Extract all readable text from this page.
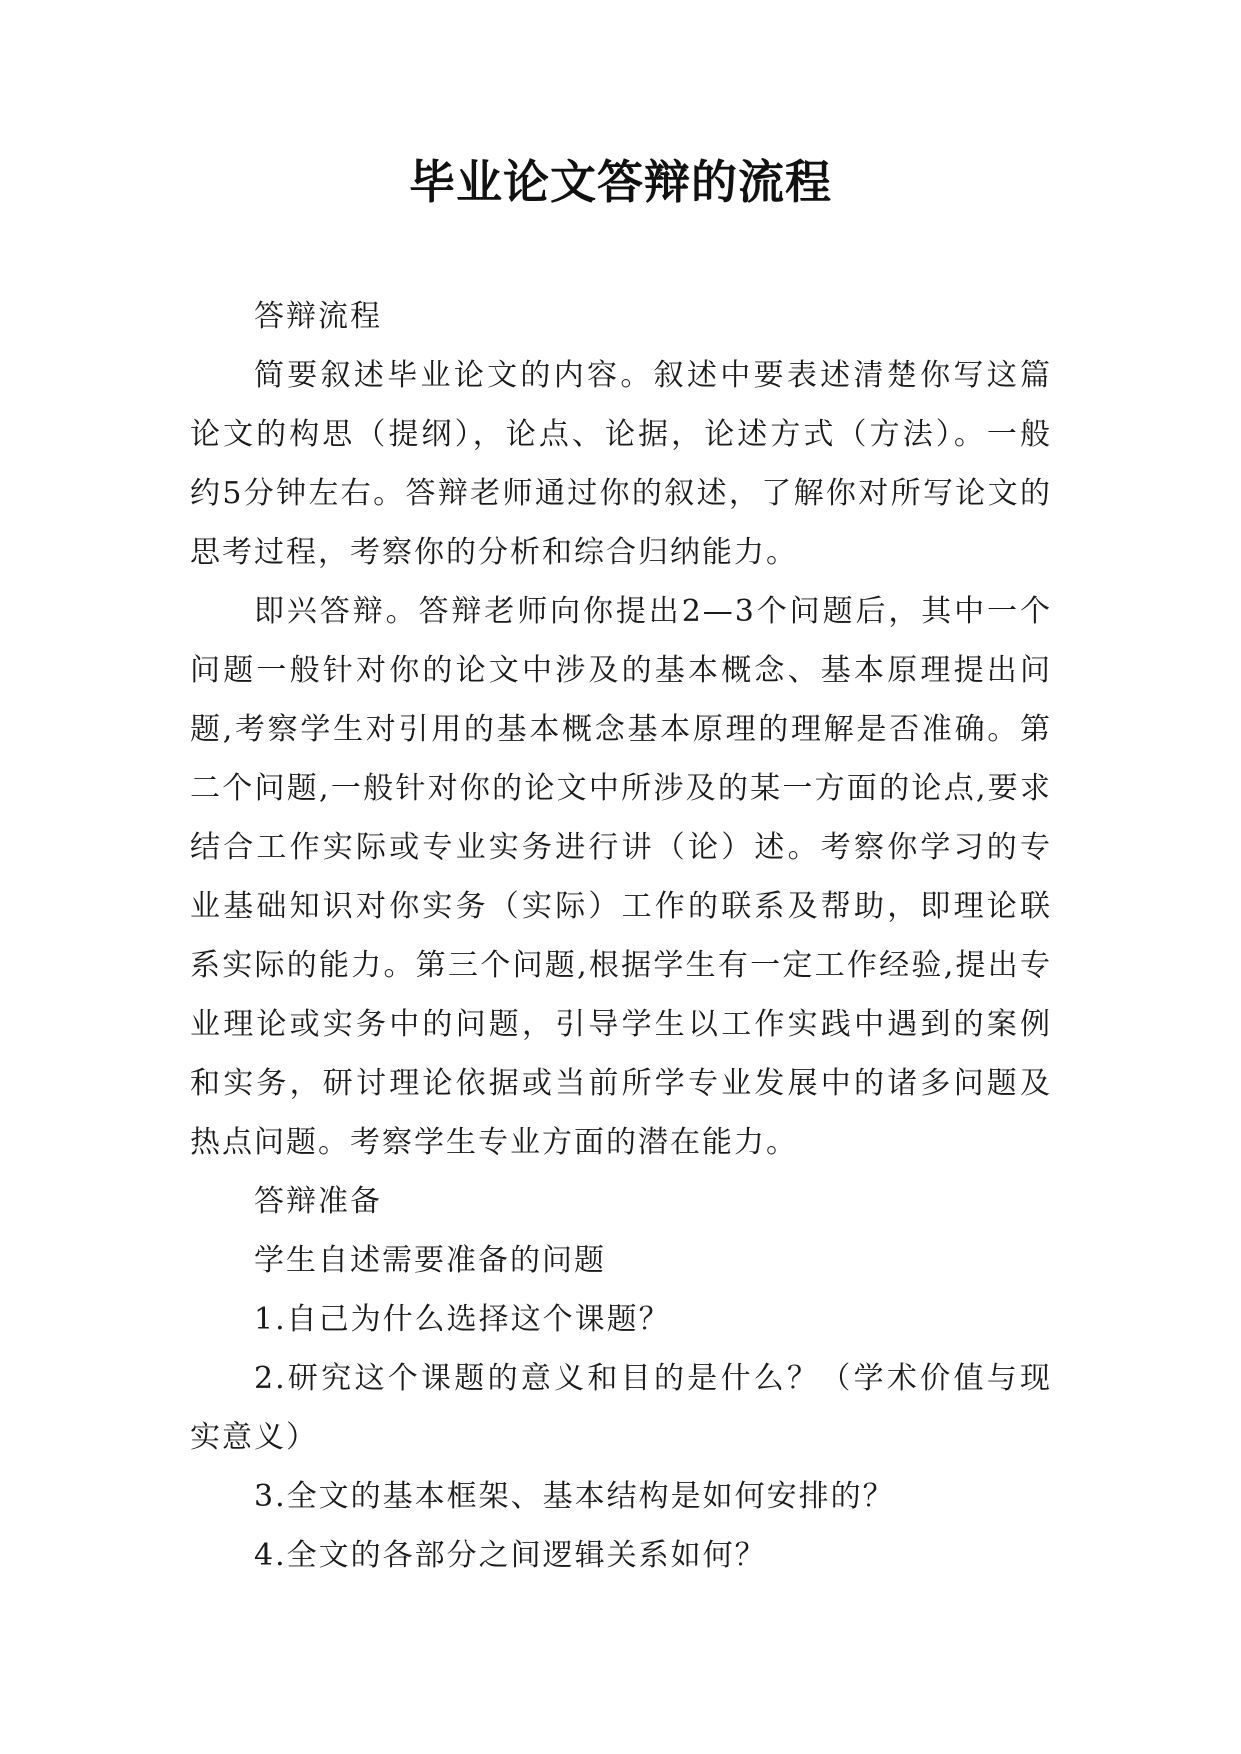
毕业论文答辩的流程

答辩流程

简要叙述毕业论文的内容。叙述中要表述清楚你写这篇论文的构思（提纲），论点、论据，论述方式（方法）。一般约5分钟左右。答辩老师通过你的叙述，了解你对所写论文的思考过程，考察你的分析和综合归纳能力。

即兴答辩。答辩老师向你提出2—3个问题后，其中一个问题一般针对你的论文中涉及的基本概念、基本原理提出问题,考察学生对引用的基本概念基本原理的理解是否准确。第二个问题,一般针对你的论文中所涉及的某一方面的论点,要求结合工作实际或专业实务进行讲（论）述。考察你学习的专业基础知识对你实务（实际）工作的联系及帮助，即理论联系实际的能力。第三个问题,根据学生有一定工作经验,提出专业理论或实务中的问题，引导学生以工作实践中遇到的案例和实务，研讨理论依据或当前所学专业发展中的诸多问题及热点问题。考察学生专业方面的潜在能力。

答辩准备

学生自述需要准备的问题

1.自己为什么选择这个课题？

2.研究这个课题的意义和目的是什么？（学术价值与现实意义）

3.全文的基本框架、基本结构是如何安排的？

4.全文的各部分之间逻辑关系如何？
